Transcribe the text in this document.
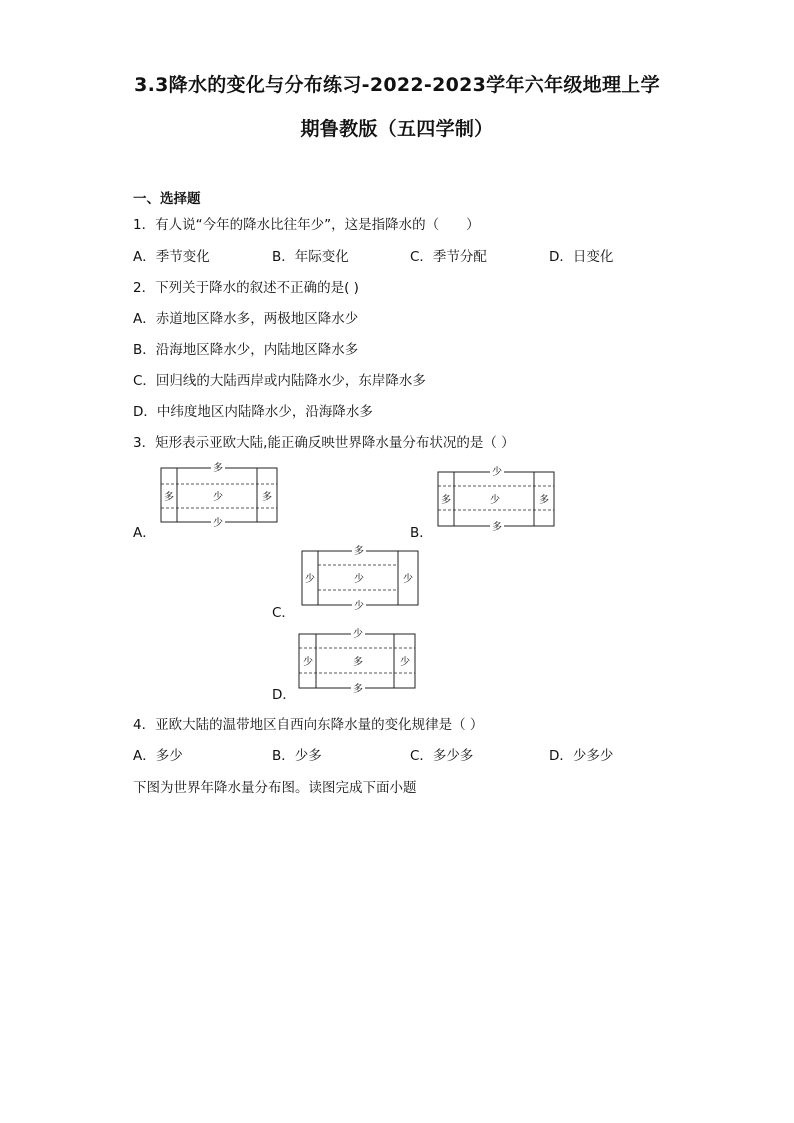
3.3降水的变化与分布练习-2022-2023学年六年级地理上学
期鲁教版（五四学制）
一、选择题
1．有人说“今年的降水比往年少”，这是指降水的（　　）
A．季节变化	B．年际变化	C．季节分配	D．日变化
2．下列关于降水的叙述不正确的是( )
A．赤道地区降水多，两极地区降水少
B．沿海地区降水少，内陆地区降水多
C．回归线的大陆西岸或内陆降水少，东岸降水多
D．中纬度地区内陆降水少，沿海降水多
3．矩形表示亚欧大陆,能正确反映世界降水量分布状况的是（ ）
A．
多
多	少	多
少
B．
少
多	少	多
多
C．
多
少	少	少
少
D．
少
少	多	少
多
4．亚欧大陆的温带地区自西向东降水量的变化规律是（ ）
A．多少	B．少多	C．多少多	D．少多少
下图为世界年降水量分布图。读图完成下面小题
